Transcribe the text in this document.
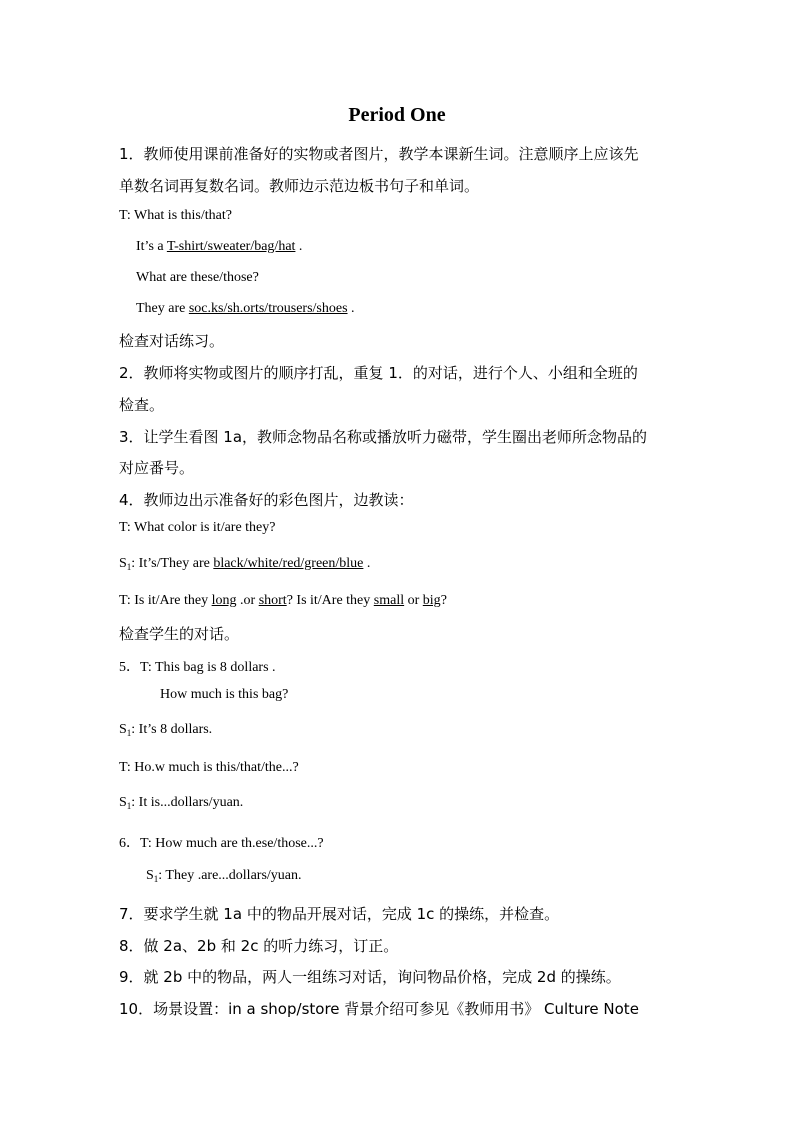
Period One
1．教师使用课前准备好的实物或者图片，教学本课新生词。注意顺序上应该先
单数名词再复数名词。教师边示范边板书句子和单词。
T: What is this/that?
It’s a T-shirt/sweater/bag/hat .
What are these/those?
They are soc.ks/sh.orts/trousers/shoes .
检查对话练习。
2．教师将实物或图片的顺序打乱，重复 1．的对话，进行个人、小组和全班的
检查。
3．让学生看图 1a，教师念物品名称或播放听力磁带，学生圈出老师所念物品的
对应番号。
4．教师边出示准备好的彩色图片，边教读：
T: What color is it/are they?
$S_1$: It’s/They are black/white/red/green/blue .
T: Is it/Are they long .or short? Is it/Are they small or big?
检查学生的对话。
5．T: This bag is 8 dollars .
How much is this bag?
$S_1$: It’s 8 dollars.
T: Ho.w much is this/that/the...?
$S_1$: It is...dollars/yuan.
6．T: How much are th.ese/those...?
$S_1$: They .are...dollars/yuan.
7．要求学生就 1a 中的物品开展对话，完成 1c 的操练，并检查。
8．做 2a、2b 和 2c 的听力练习，订正。
9．就 2b 中的物品，两人一组练习对话，询问物品价格，完成 2d 的操练。
10．场景设置：in a shop/store 背景介绍可参见《教师用书》 Culture Note
